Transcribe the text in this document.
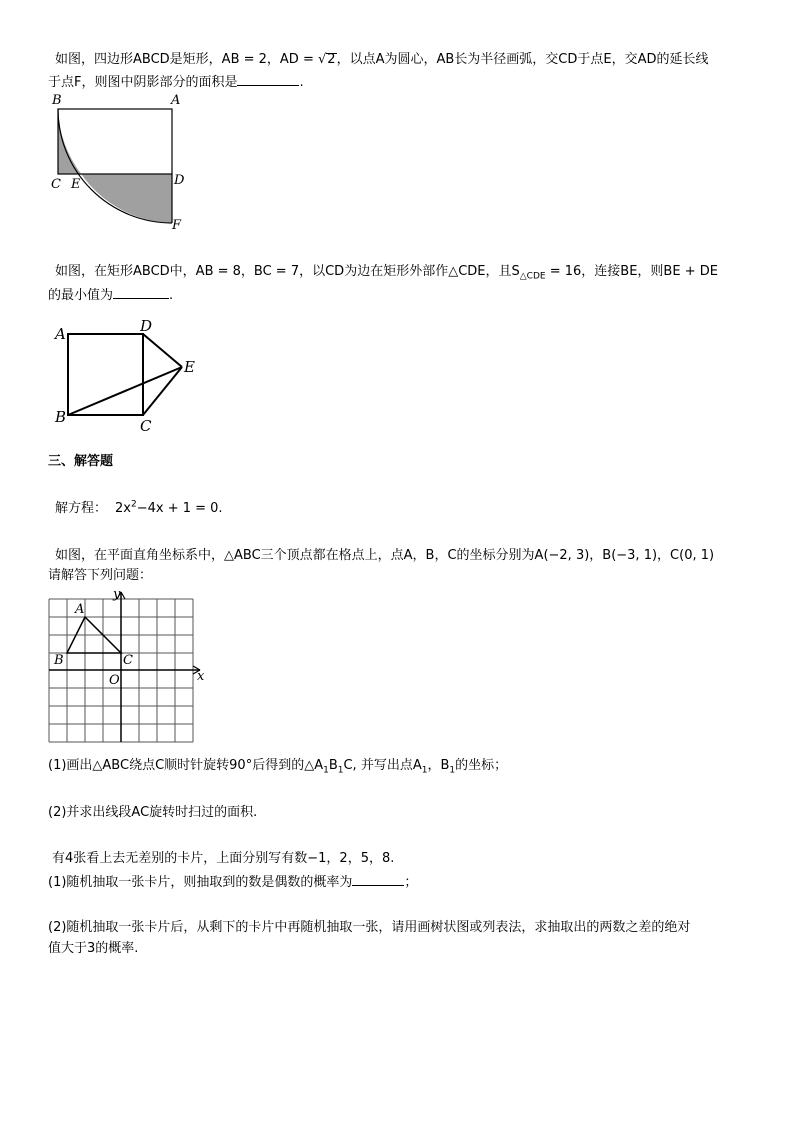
如图，四边形ABCD是矩形，AB = 2，AD = √2，以点A为圆心，AB长为半径画弧，交CD于点E，交AD的延长线
于点F，则图中阴影部分的面积是	.
B	A
C E	D
F
如图，在矩形ABCD中，AB = 8，BC = 7，以CD为边在矩形外部作△CDE，且$S_{\triangle CDE} = 16$，连接BE，则BE + DE
的最小值为	.
A	D
E
B	C
三、解答题
解方程： $2x^2-4x + 1 = 0$.
如图，在平面直角坐标系中，△ABC三个顶点都在格点上，点A，B，C的坐标分别为A(−2, 3)，B(−3, 1)，C(0, 1)
请解答下列问题：
A
B	C
O	x
y
(1)画出△ABC绕点C顺时针旋转90°后得到的$\triangle A_1B_1C$, 并写出点$A_1$，$B_1$的坐标；
(2)并求出线段AC旋转时扫过的面积.
有4张看上去无差别的卡片，上面分别写有数−1，2，5，8.
(1)随机抽取一张卡片，则抽取到的数是偶数的概率为	；
(2)随机抽取一张卡片后，从剩下的卡片中再随机抽取一张，请用画树状图或列表法，求抽取出的两数之差的绝对
值大于3的概率.
